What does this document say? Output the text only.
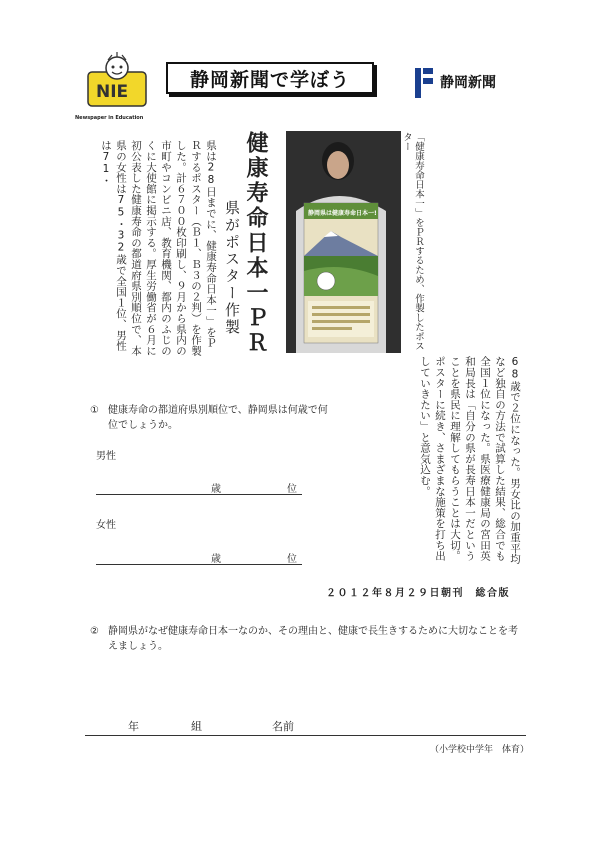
NIE
Newspaper in Education
静岡新聞で学ぼう	静岡新聞
健康寿命日本一ＰＲ
県がポスター作製
県は28日までに、健康寿命日本一」をＰＲするポスター（Ｂ１、Ｂ３の２判）を作製した。計６７００枚印刷し、９月から県内の市町やコンビニ店、教育機関、都内のふじのくに大使館に掲示する。厚生労働省が６月に初公表した健康寿命の都道府県別順位で、本県の女性は75・32歳で全国１位、男性は71・
68歳で２位になった。男女比の加重平均など独自の方法で試算した結果、総合でも全国１位になった。県医療健康局の宮田英和局長は「自分の県が長寿日本一だということを県民に理解してもらうことは大切。ポスターに続き、さまざまな施策を打ち出していきたい」と意気込む。
静岡県は健康寿命日本一!	「健康寿命日本一」をＰＲするため、作製したポスター
２０１２年８月２９日朝刊　総合版
① 健康寿命の都道府県別順位で、静岡県は何歳で何位でしょうか。
男性
歳	位
女性
歳	位
② 静岡県がなぜ健康寿命日本一なのか、その理由と、健康で長生きするために大切なことを考えましょう。
年	組	名前
（小学校中学年　体育）
